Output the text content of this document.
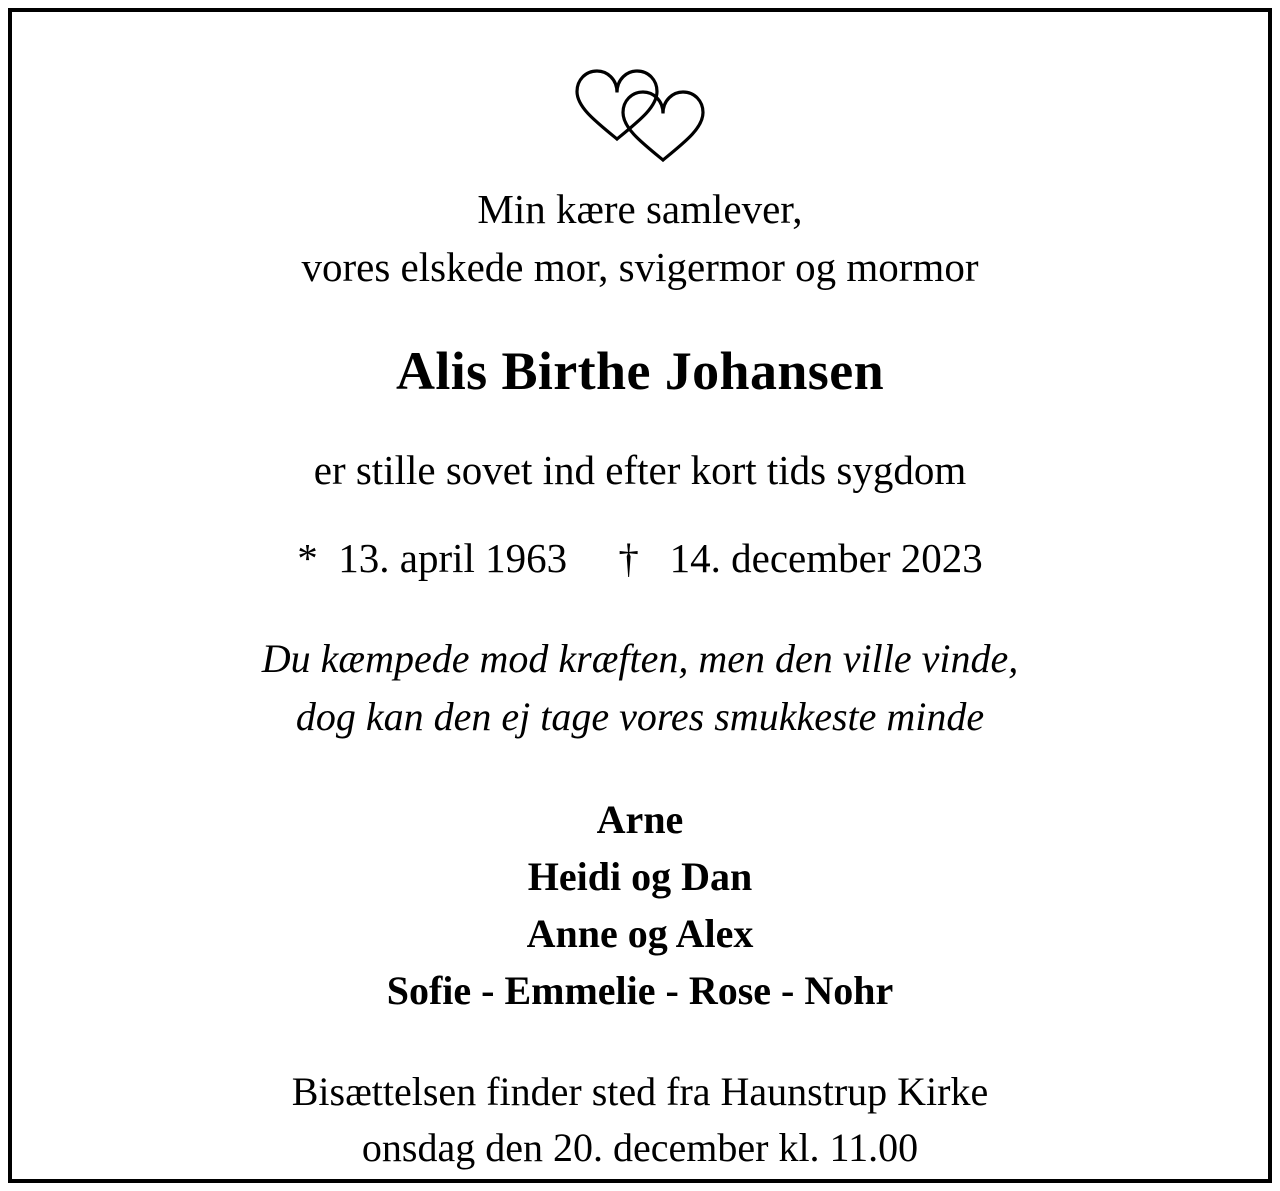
Min kære samlever,
vores elskede mor, svigermor og mormor
Alis Birthe Johansen
er stille sovet ind efter kort tids sygdom
*  13. april 1963     †   14. december 2023
Du kæmpede mod kræften, men den ville vinde,
dog kan den ej tage vores smukkeste minde
Arne
Heidi og Dan
Anne og Alex
Sofie - Emmelie - Rose - Nohr
Bisættelsen finder sted fra Haunstrup Kirke
onsdag den 20. december kl. 11.00
